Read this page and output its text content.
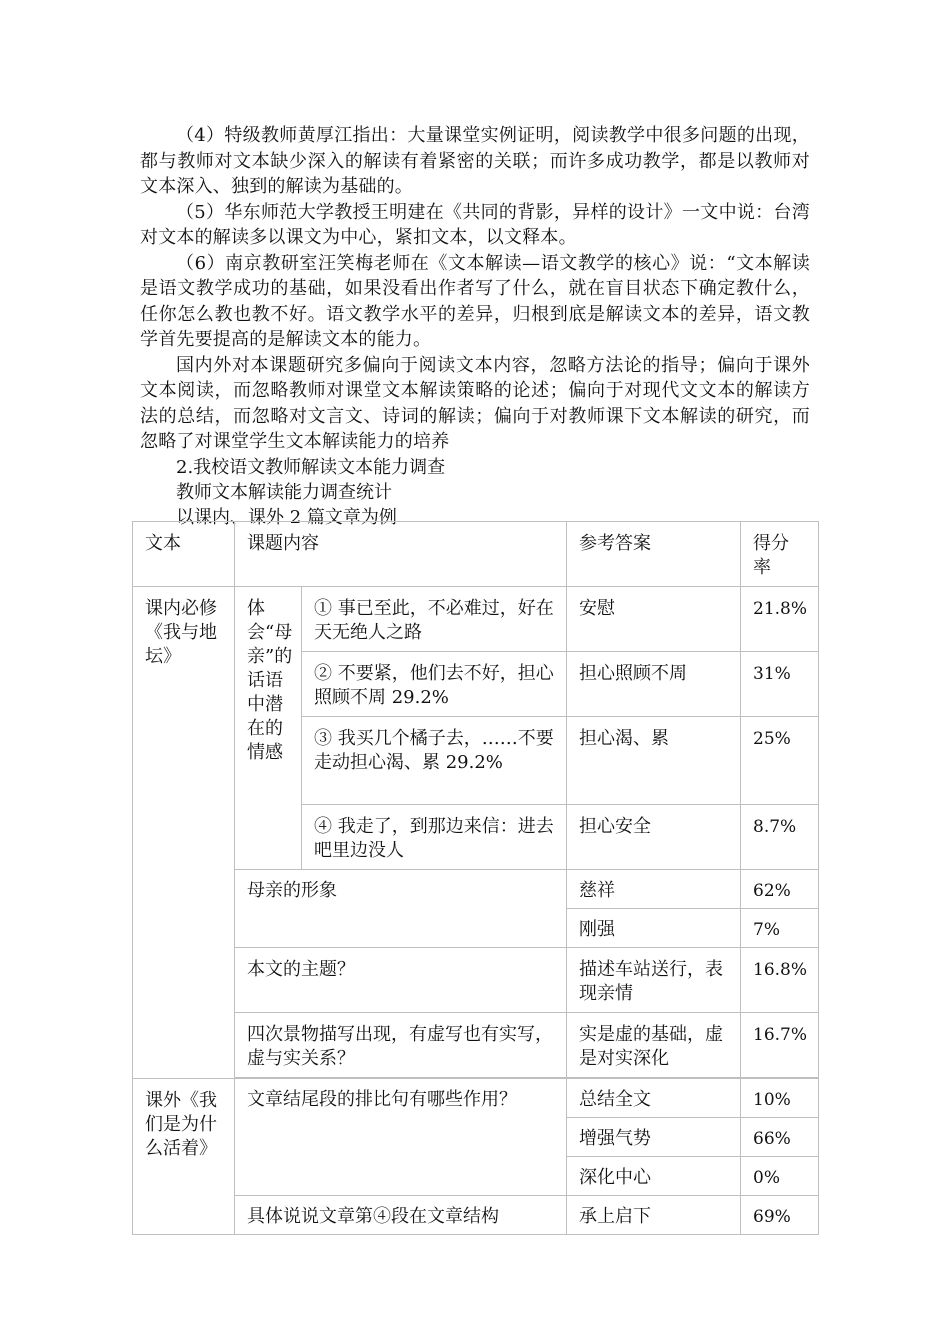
（4）特级教师黄厚江指出：大量课堂实例证明，阅读教学中很多问题的出现，都与教师对文本缺少深入的解读有着紧密的关联；而许多成功教学，都是以教师对文本深入、独到的解读为基础的。

（5）华东师范大学教授王明建在《共同的背影，异样的设计》一文中说：台湾对文本的解读多以课文为中心，紧扣文本，以文释本。

（6）南京教研室汪笑梅老师在《文本解读—语文教学的核心》说：“文本解读是语文教学成功的基础，如果没看出作者写了什么，就在盲目状态下确定教什么，任你怎么教也教不好。语文教学水平的差异，归根到底是解读文本的差异，语文教学首先要提高的是解读文本的能力。

国内外对本课题研究多偏向于阅读文本内容，忽略方法论的指导；偏向于课外文本阅读，而忽略教师对课堂文本解读策略的论述；偏向于对现代文文本的解读方法的总结，而忽略对文言文、诗词的解读；偏向于对教师课下文本解读的研究，而忽略了对课堂学生文本解读能力的培养

2.我校语文教师解读文本能力调查

教师文本解读能力调查统计

以课内、课外 2 篇文章为例

文本	课题内容		参考答案	得分率
课内必修《我与地坛》	体会“母亲”的话语中潜在的情感	① 事已至此，不必难过，好在天无绝人之路	安慰	21.8%
		② 不要紧，他们去不好，担心照顾不周 29.2%	担心照顾不周	31%
		③ 我买几个橘子去，……不要走动担心渴、累 29.2%	担心渴、累	25%
		④ 我走了，到那边来信：进去吧里边没人	担心安全	8.7%
	母亲的形象		慈祥	62%
			刚强	7%
	本文的主题？		描述车站送行，表现亲情	16.8%
	四次景物描写出现，有虚写也有实写，虚与实关系？		实是虚的基础，虚是对实深化	16.7%

课外《我们是为什么活着》	文章结尾段的排比句有哪些作用？		总结全文	10%
			增强气势	66%
			深化中心	0%
	具体说说文章第④段在文章结构		承上启下	69%
